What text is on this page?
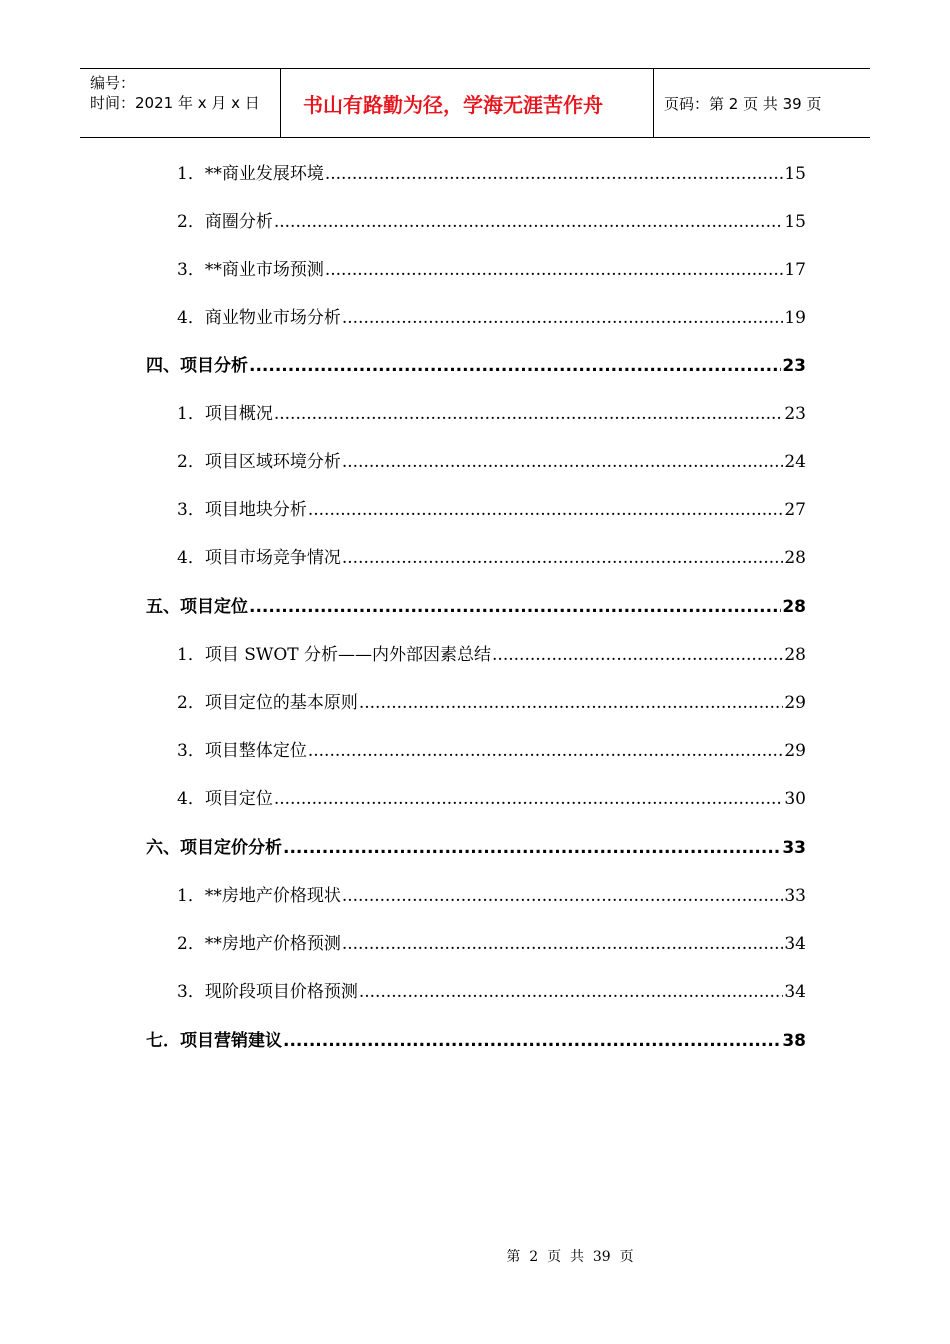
编号：
时间：2021 年 x 月 x 日	书山有路勤为径，学海无涯苦作舟	页码：第 2 页 共 39 页
1． **商业发展环境 .....	15
2． 商圈分析 .....	15
3． **商业市场预测 .....	17
4． 商业物业市场分析 .....	19
四、项目分析 .....	23
1． 项目概况 .....	23
2． 项目区域环境分析 .....	24
3． 项目地块分析 .....	27
4． 项目市场竞争情况 .....	28
五、项目定位 .....	28
1． 项目 SWOT 分析——内外部因素总结 .....	28
2． 项目定位的基本原则 .....	29
3． 项目整体定位 .....	29
4． 项目定位 .....	30
六、项目定价分析 .....	33
1． **房地产价格现状 .....	33
2． **房地产价格预测 .....	34
3． 现阶段项目价格预测 .....	34
七．项目营销建议 .....	38
第  2  页  共  39  页
